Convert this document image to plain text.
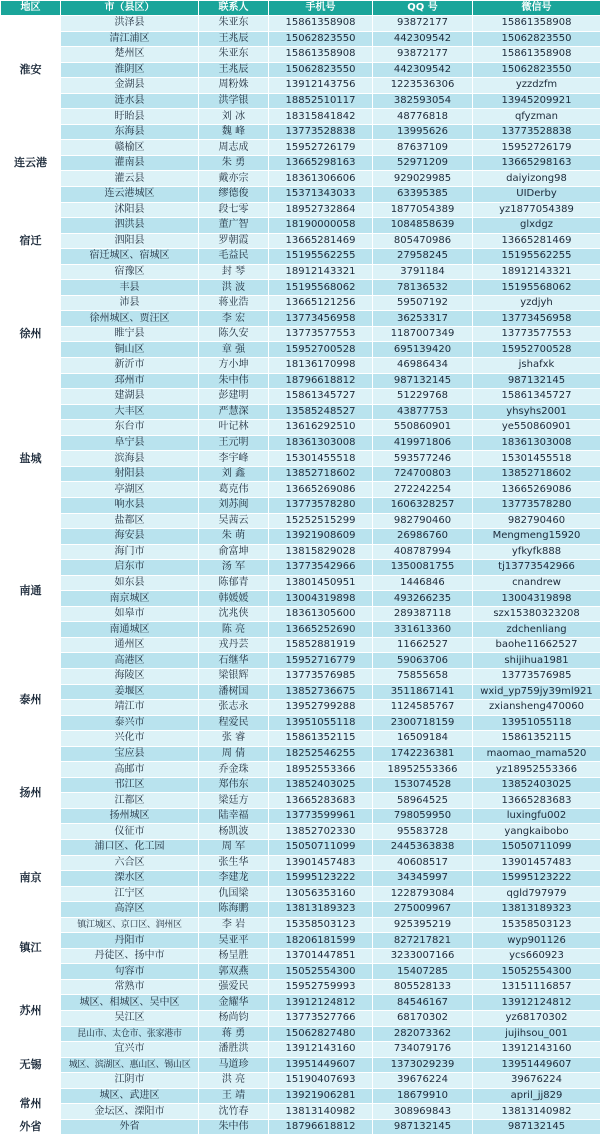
地区	市（县区）	联系人	手机号	QQ 号	微信号
淮安	洪泽县	朱亚东	15861358908	93872177	15861358908
	清江浦区	王兆辰	15062823550	442309542	15062823550
	楚州区	朱亚东	15861358908	93872177	15861358908
	淮阴区	王兆辰	15062823550	442309542	15062823550
	金湖县	周粉姝	13912143756	1223536306	yzzdzfm
	涟水县	洪学银	18852510117	382593054	13945209921
	盱眙县	刘 冰	18315841842	48776818	qfyzman
连云港	东海县	魏 峰	13773528838	13995626	13773528838
	赣榆区	周志成	15952726179	87637109	15952726179
	灌南县	朱 勇	13665298163	52971209	13665298163
	灌云县	戴亦宗	18361306606	929029985	daiyizong98
	连云港城区	缪德俊	15371343033	63395385	UIDerby
宿迁	沭阳县	段七零	18952732864	1877054389	yz1877054389
	泗洪县	董广智	18190000058	1084858639	glxdgz
	泗阳县	罗朝霞	13665281469	805470986	13665281469
	宿迁城区、宿城区	毛益民	15195562255	27958245	15195562255
	宿豫区	封 琴	18912143321	3791184	18912143321
徐州	丰县	洪 波	15195568062	78136532	15195568062
	沛县	蒋业浩	13665121256	59507192	yzdjyh
	徐州城区、贾汪区	李 宏	13773456958	36253317	13773456958
	睢宁县	陈久安	13773577553	1187007349	13773577553
	铜山区	章 强	15952700528	695139420	15952700528
	新沂市	方小坤	18136170998	46986434	jshafxk
	邳州市	朱中伟	18796618812	987132145	987132145
盐城	建湖县	彭建明	15861345727	51229768	15861345727
	大丰区	严慧深	13585248527	43877753	yhsyhs2001
	东台市	叶记林	13616292510	550860901	ye550860901
	阜宁县	王元明	18361303008	419971806	18361303008
	滨海县	李宇峰	15301455518	593577246	15301455518
	射阳县	刘 鑫	13852718602	724700803	13852718602
	亭湖区	葛克伟	13665269086	272242254	13665269086
	响水县	刘苏闽	13773578280	1606328257	13773578280
	盐都区	吴茜云	15252515299	982790460	982790460
南通	海安县	朱 萌	13921908609	26986760	Mengmeng15920
	海门市	俞富坤	13815829028	408787994	yfkyfk888
	启东市	汤 军	13773542966	1350081755	tj13773542966
	如东县	陈郁青	13801450951	1446846	cnandrew
	南京城区	韩媛媛	13004319898	493266235	13004319898
	如皋市	沈兆侠	18361305600	289387118	szx15380323208
	南通城区	陈 亮	13665252690	331613360	zdchenliang
	通州区	戎丹芸	15852881919	11662527	baohe11662527
泰州	高港区	石继华	15952716779	59063706	shijihua1981
	海陵区	梁银辉	13773576985	75855658	13773576985
	姜堰区	潘树国	13852736675	3511867141	wxid_yp759jy39ml921
	靖江市	张志永	13952799288	1124585767	zxiansheng470060
	泰兴市	程爱民	13951055118	2300718159	13951055118
	兴化市	张 睿	15861352115	16509184	15861352115
扬州	宝应县	周 倩	18252546255	1742236381	maomao_mama520
	高邮市	乔金珠	18952553366	18952553366	yz18952553366
	邗江区	郑伟东	13852403025	153074528	13852403025
	江都区	梁廷方	13665283683	58964525	13665283683
	扬州城区	陆幸福	13773599961	798059950	luxingfu002
	仪征市	杨凯波	13852702330	95583728	yangkaibobo
南京	浦口区、化工园	周 军	15050711099	2445363838	15050711099
	六合区	张生华	13901457483	40608517	13901457483
	溧水区	李建龙	15995123222	34345997	15995123222
	江宁区	仇国梁	13056353160	1228793084	qgld797979
	高淳区	陈海鹏	13813189323	275009967	13813189323
镇江	镇江城区、京口区、润州区	李 岩	15358503123	925395219	15358503123
	丹阳市	吴亚平	18206181599	827217821	wyp901126
	丹徒区、扬中市	杨呈胜	13701447851	3233007166	ycs660923
	句容市	郭双燕	15052554300	15407285	15052554300
苏州	常熟市	强爱民	15952759993	805528133	13151116857
	城区、相城区、吴中区	金耀华	13912124812	84546167	13912124812
	吴江区	杨尚钧	13773527766	68170302	yz68170302
	昆山市、太仓市、张家港市	蒋 勇	15062827480	282073362	jujihsou_001
无锡	宜兴市	潘胜洪	13912143160	734079176	13912143160
	城区、滨湖区、惠山区、锡山区	马道珍	13951449607	1373029239	13951449607
	江阴市	洪 亮	15190407693	39676224	39676224
常州	城区、武进区	王 靖	13921906281	18679910	april_jj829
	金坛区、溧阳市	沈竹春	13813140982	308969843	13813140982
外省	外省	朱中伟	18796618812	987132145	987132145
